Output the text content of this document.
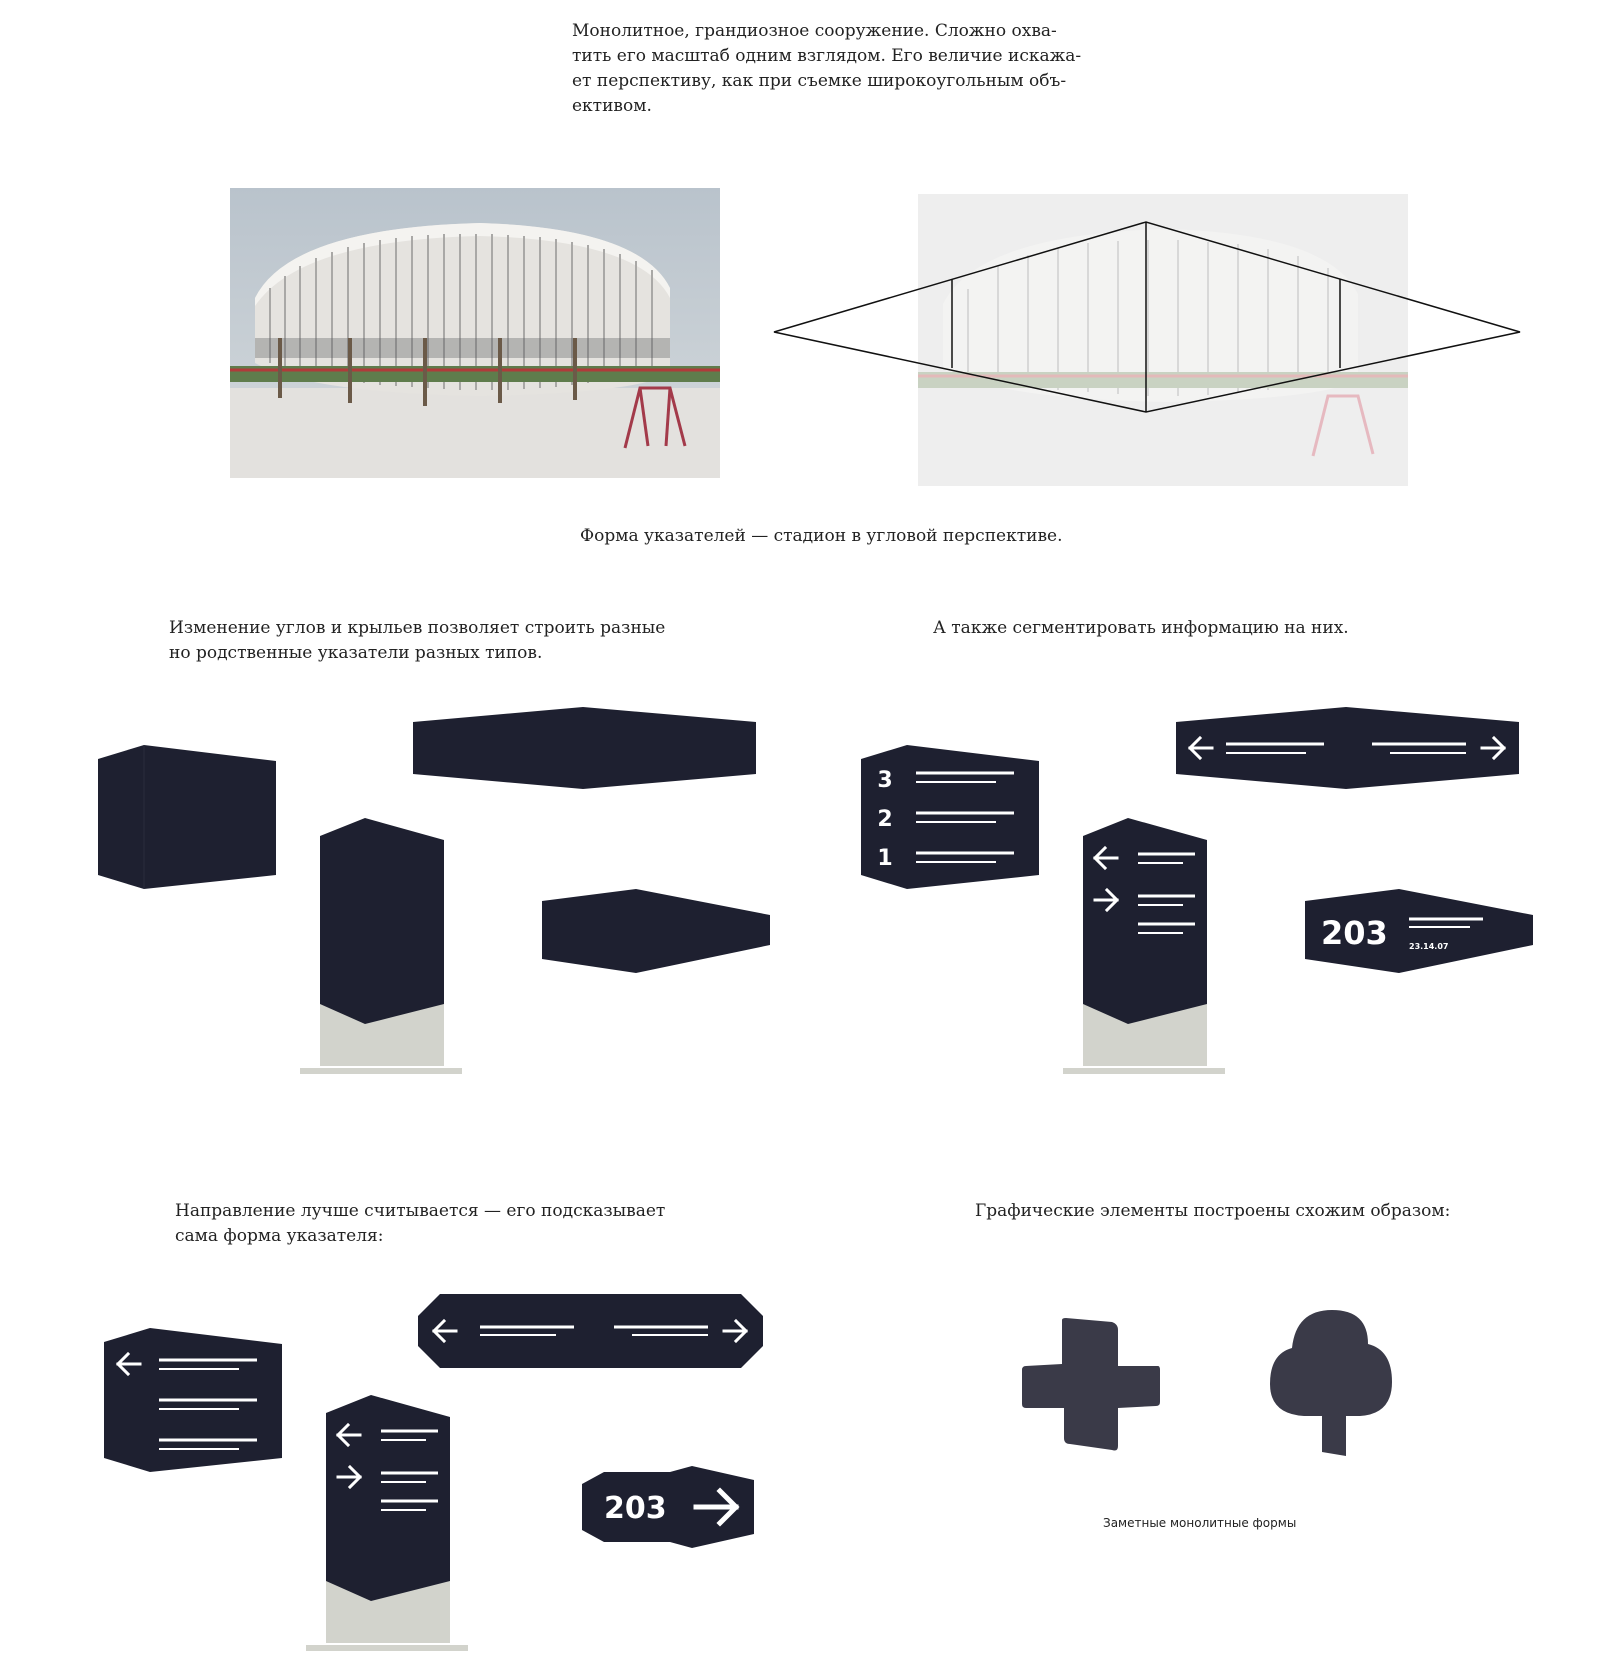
Монолитное, грандиозное сооружение. Сложно охва-
тить его масштаб одним взглядом. Его величие искажа-
ет перспективу, как при съемке широкоугольным объ-
ективом.

Форма указателей — стадион в угловой перспективе.

Изменение углов и крыльев позволяет строить разные
но родственные указатели разных типов.

А также сегментировать информацию на них.

3
2
1
203	23.14.07

Направление лучше считывается — его подсказывает
сама форма указателя:

Графические элементы построены схожим образом:

203	Заметные монолитные формы
